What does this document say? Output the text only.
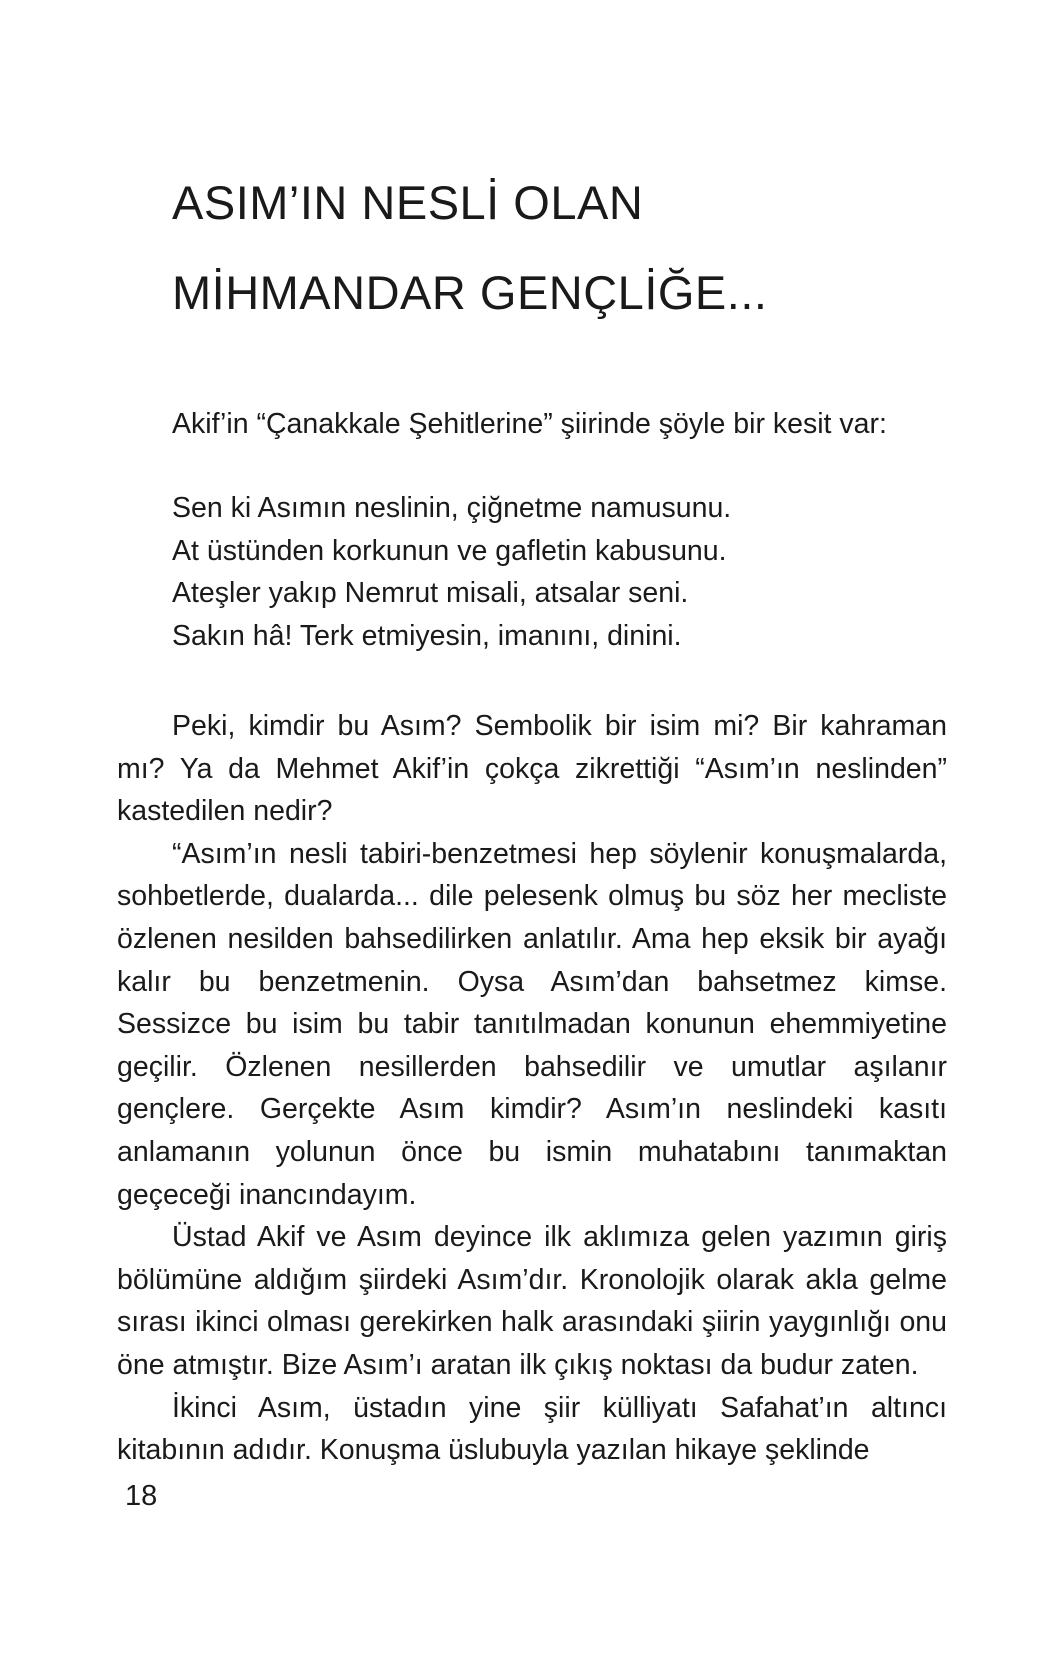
ASIM’IN NESLİ OLAN
MİHMANDAR GENÇLİĞE...

Akif’in “Çanakkale Şehitlerine” şiirinde şöyle bir kesit var:

Sen ki Asımın neslinin, çiğnetme namusunu.
At üstünden korkunun ve gafletin kabusunu.
Ateşler yakıp Nemrut misali, atsalar seni.
Sakın hâ! Terk etmiyesin, imanını, dinini.

Peki, kimdir bu Asım? Sembolik bir isim mi? Bir kahraman mı? Ya da Mehmet Akif’in çokça zikrettiği “Asım’ın neslinden” kastedilen nedir?

“Asım’ın nesli tabiri-benzetmesi hep söylenir konuşmalarda, sohbetlerde, dualarda... dile pelesenk olmuş bu söz her mecliste özlenen nesilden bahsedilirken anlatılır. Ama hep eksik bir ayağı kalır bu benzetmenin. Oysa Asım’dan bahsetmez kimse. Sessizce bu isim bu tabir tanıtılmadan konunun ehemmiyetine geçilir. Özlenen nesillerden bahsedilir ve umutlar aşılanır gençlere. Gerçekte Asım kimdir? Asım’ın neslindeki kasıtı anlamanın yolunun önce bu ismin muhatabını tanımaktan geçeceği inancındayım.

Üstad Akif ve Asım deyince ilk aklımıza gelen yazımın giriş bölümüne aldığım şiirdeki Asım’dır. Kronolojik olarak akla gelme sırası ikinci olması gerekirken halk arasındaki şiirin yaygınlığı onu öne atmıştır. Bize Asım’ı aratan ilk çıkış noktası da budur zaten.

İkinci Asım, üstadın yine şiir külliyatı Safahat’ın altıncı kitabının adıdır. Konuşma üslubuyla yazılan hikaye şeklinde

18
